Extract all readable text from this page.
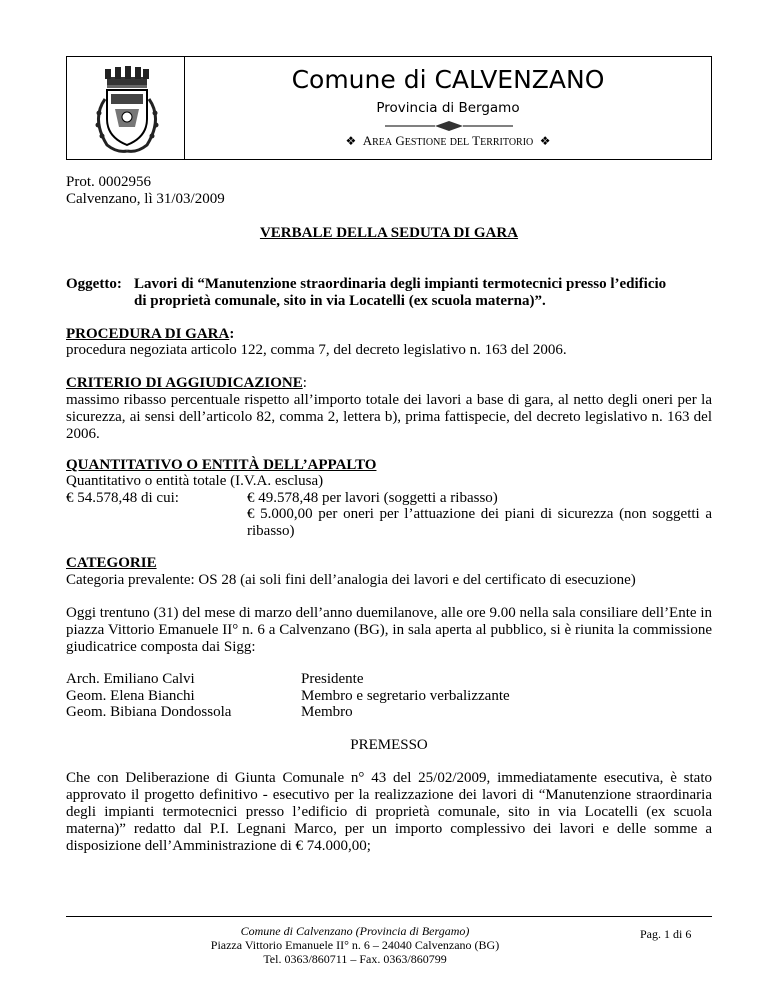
Comune di CALVENZANO
Provincia di Bergamo
❖ AREA GESTIONE DEL TERRITORIO ❖
Prot. 0002956
Calvenzano, lì 31/03/2009
VERBALE DELLA SEDUTA DI GARA
Oggetto: Lavori di “Manutenzione straordinaria degli impianti termotecnici presso l’edificio
di proprietà comunale, sito in via Locatelli (ex scuola materna)”.
PROCEDURA DI GARA:
procedura negoziata articolo 122, comma 7, del decreto legislativo n. 163 del 2006.
CRITERIO DI AGGIUDICAZIONE:
massimo ribasso percentuale rispetto all’importo totale dei lavori a base di gara, al netto degli oneri per la sicurezza, ai sensi dell’articolo 82, comma 2, lettera b), prima fattispecie, del decreto legislativo n. 163 del 2006.
QUANTITATIVO O ENTITÀ DELL’APPALTO
Quantitativo o entità totale (I.V.A. esclusa)
€ 54.578,48 di cui:	€ 49.578,48 per lavori (soggetti a ribasso)
€ 5.000,00 per oneri per l’attuazione dei piani di sicurezza (non soggetti a ribasso)
CATEGORIE
Categoria prevalente: OS 28 (ai soli fini dell’analogia dei lavori e del certificato di esecuzione)
Oggi trentuno (31) del mese di marzo dell’anno duemilanove, alle ore 9.00 nella sala consiliare dell’Ente in piazza Vittorio Emanuele II° n. 6 a Calvenzano (BG), in sala aperta al pubblico, si è riunita la commissione giudicatrice composta dai Sigg:
Arch. Emiliano Calvi	Presidente
Geom. Elena Bianchi	Membro e segretario verbalizzante
Geom. Bibiana Dondossola	Membro
PREMESSO
Che con Deliberazione di Giunta Comunale n° 43 del 25/02/2009, immediatamente esecutiva, è stato approvato il progetto definitivo - esecutivo per la realizzazione dei lavori di “Manutenzione straordinaria degli impianti termotecnici presso l’edificio di proprietà comunale, sito in via Locatelli (ex scuola materna)” redatto dal P.I. Legnani Marco, per un importo complessivo dei lavori e delle somme a disposizione dell’Amministrazione di € 74.000,00;
Comune di Calvenzano (Provincia di Bergamo)
Piazza Vittorio Emanuele II° n. 6 – 24040 Calvenzano (BG)
Tel. 0363/860711 – Fax. 0363/860799
Pag. 1 di 6
